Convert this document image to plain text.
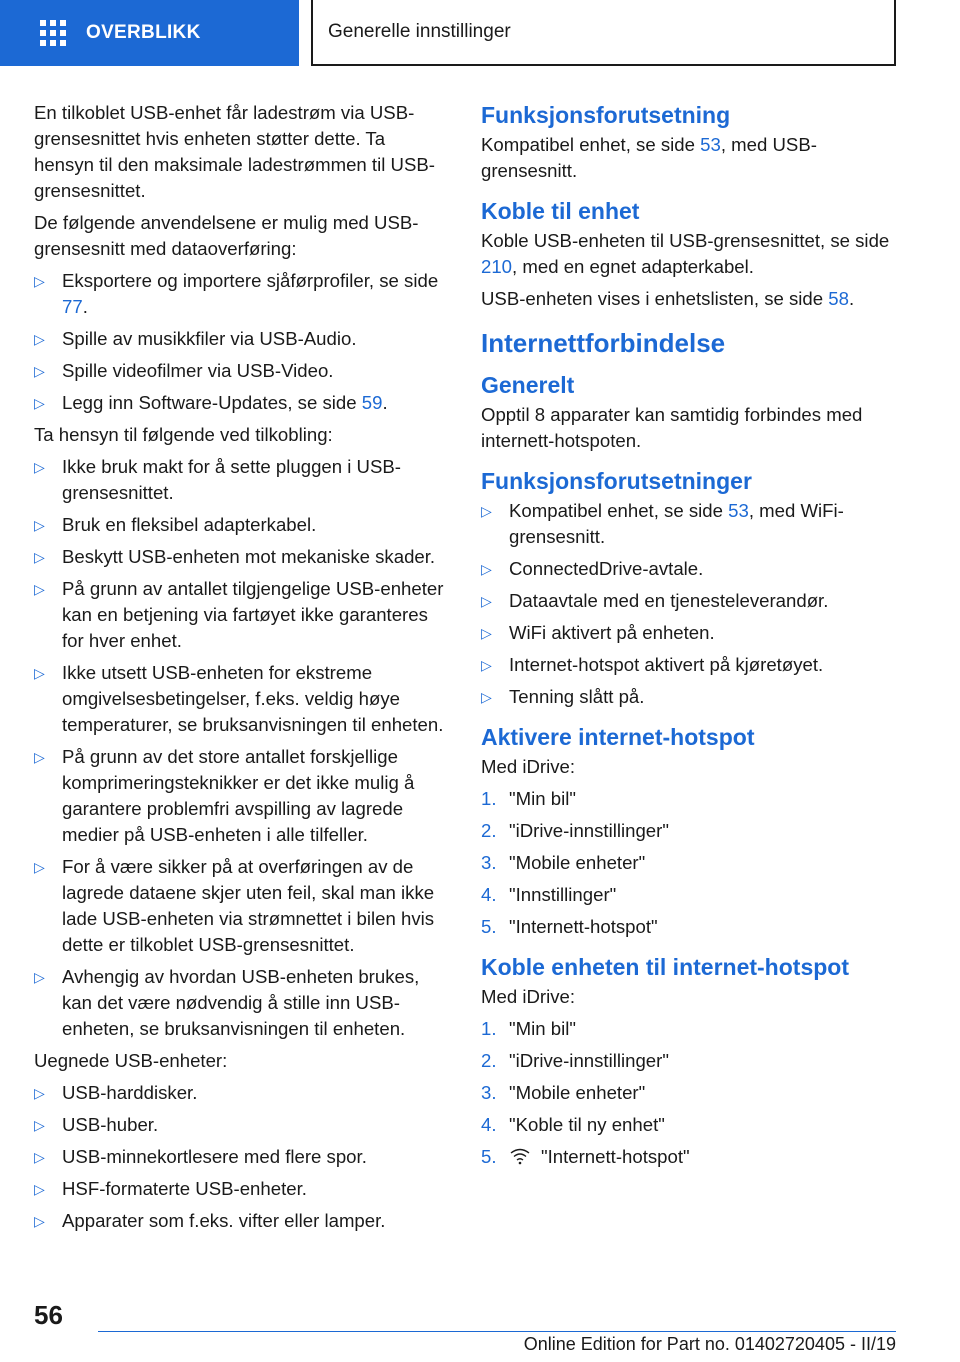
OVERBLIKK	Generelle innstillinger

En tilkoblet USB-enhet får ladestrøm via USB-grensesnittet hvis enheten støtter dette. Ta hensyn til den maksimale ladestrømmen til USB-grensesnittet.

De følgende anvendelsene er mulig med USB-grensesnitt med dataoverføring:

▷ Eksportere og importere sjåførprofiler, se side 77.
▷ Spille av musikkfiler via USB-Audio.
▷ Spille videofilmer via USB-Video.
▷ Legg inn Software-Updates, se side 59.

Ta hensyn til følgende ved tilkobling:

▷ Ikke bruk makt for å sette pluggen i USB-grensesnittet.
▷ Bruk en fleksibel adapterkabel.
▷ Beskytt USB-enheten mot mekaniske skader.
▷ På grunn av antallet tilgjengelige USB-enheter kan en betjening via fartøyet ikke garanteres for hver enhet.
▷ Ikke utsett USB-enheten for ekstreme omgivelsesbetingelser, f.eks. veldig høye temperaturer, se bruksanvisningen til enheten.
▷ På grunn av det store antallet forskjellige komprimeringsteknikker er det ikke mulig å garantere problemfri avspilling av lagrede medier på USB-enheten i alle tilfeller.
▷ For å være sikker på at overføringen av de lagrede dataene skjer uten feil, skal man ikke lade USB-enheten via strømnettet i bilen hvis dette er tilkoblet USB-grensesnittet.
▷ Avhengig av hvordan USB-enheten brukes, kan det være nødvendig å stille inn USB-enheten, se bruksanvisningen til enheten.

Uegnede USB-enheter:

▷ USB-harddisker.
▷ USB-huber.
▷ USB-minnekortlesere med flere spor.
▷ HSF-formaterte USB-enheter.
▷ Apparater som f.eks. vifter eller lamper.
Funksjonsforutsetning

Kompatibel enhet, se side 53, med USB-grensesnitt.

Koble til enhet

Koble USB-enheten til USB-grensesnittet, se side 210, med en egnet adapterkabel.

USB-enheten vises i enhetslisten, se side 58.

Internettforbindelse
Generelt

Opptil 8 apparater kan samtidig forbindes med internett-hotspoten.

Funksjonsforutsetninger
▷ Kompatibel enhet, se side 53, med WiFi-grensesnitt.
▷ ConnectedDrive-avtale.
▷ Dataavtale med en tjenesteleverandør.
▷ WiFi aktivert på enheten.
▷ Internet-hotspot aktivert på kjøretøyet.
▷ Tenning slått på.
Aktivere internet-hotspot

Med iDrive:

1. "Min bil"
2. "iDrive-innstillinger"
3. "Mobile enheter"
4. "Innstillinger"
5. "Internett-hotspot"
Koble enheten til internet-hotspot

Med iDrive:

1. "Min bil"
2. "iDrive-innstillinger"
3. "Mobile enheter"
4. "Koble til ny enhet"
5. "Internett-hotspot"
56
Online Edition for Part no. 01402720405 - II/19
